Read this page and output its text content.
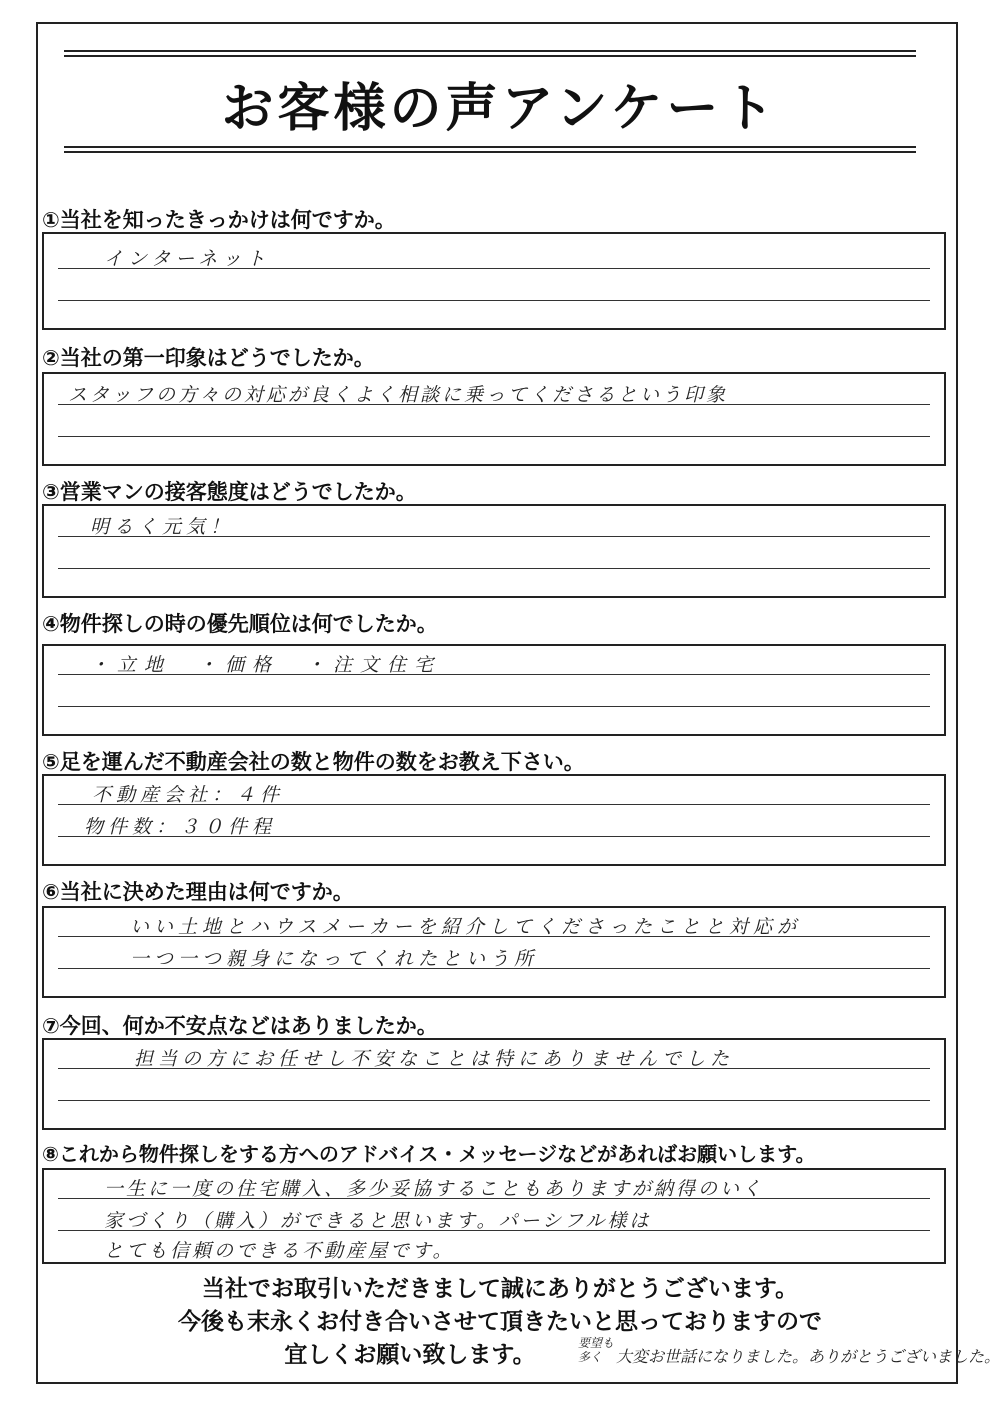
お客様の声アンケート
①当社を知ったきっかけは何ですか。
インターネット
②当社の第一印象はどうでしたか。
スタッフの方々の対応が良くよく相談に乗ってくださるという印象
③営業マンの接客態度はどうでしたか。
明るく元気！
④物件探しの時の優先順位は何でしたか。
・立地　・価格　・注文住宅
⑤足を運んだ不動産会社の数と物件の数をお教え下さい。
不動産会社：４件
物件数：３０件程
⑥当社に決めた理由は何ですか。
いい土地とハウスメーカーを紹介してくださったことと対応が
一つ一つ親身になってくれたという所
⑦今回、何か不安点などはありましたか。
担当の方にお任せし不安なことは特にありませんでした
⑧これから物件探しをする方へのアドバイス・メッセージなどがあればお願いします。
一生に一度の住宅購入、多少妥協することもありますが納得のいく
家づくり（購入）ができると思います。パーシフル様は
とても信頼のできる不動産屋です。
当社でお取引いただきまして誠にありがとうございます。
今後も末永くお付き合いさせて頂きたいと思っておりますので
宜しくお願い致します。	要望も多く 大変お世話になりました。ありがとうございました。
